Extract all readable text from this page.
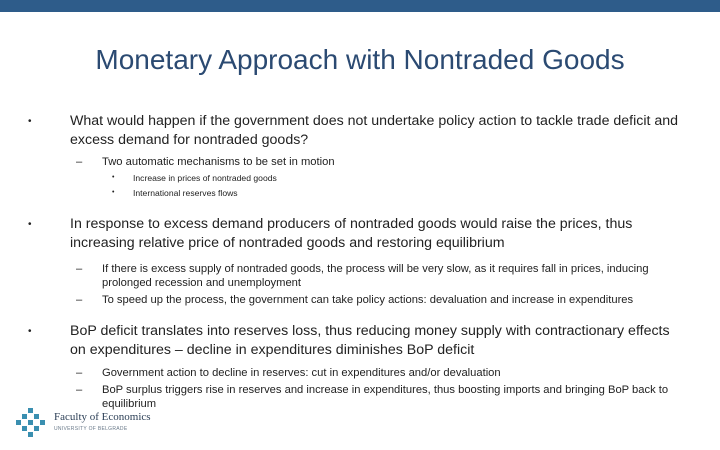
Monetary Approach with Nontraded Goods
•	What would happen if the government does not undertake policy action to tackle trade deficit and excess demand for nontraded goods?
–	Two automatic mechanisms to be set in motion
•	Increase in prices of nontraded goods
•	International reserves flows
•	In response to excess demand producers of nontraded goods would raise the prices, thus increasing relative price of nontraded goods and restoring equilibrium
–	If there is excess supply of nontraded goods, the process will be very slow, as it requires fall in prices, inducing prolonged recession and unemployment
–	To speed up the process, the government can take policy actions: devaluation and increase in expenditures
•	BoP deficit translates into reserves loss, thus reducing money supply with contractionary effects on expenditures – decline in expenditures diminishes BoP deficit
–	Government action to decline in reserves: cut in expenditures and/or devaluation
–	BoP surplus triggers rise in reserves and increase in expenditures, thus boosting imports and bringing BoP back to equilibrium
Faculty of Economics
UNIVERSITY OF BELGRADE
